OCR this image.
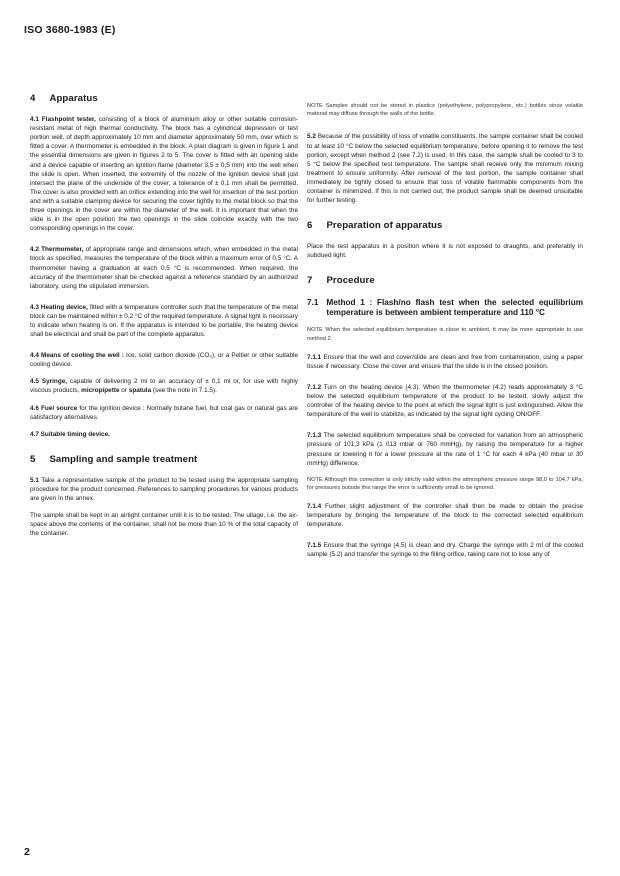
ISO 3680-1983 (E)
4 Apparatus

4.1 Flashpoint tester, consisting of a block of aluminium alloy or other suitable corrosion-resistant metal of high thermal conductivity. The block has a cylindrical depression or test portion well, of depth approximately 10 mm and diameter approximately 50 mm, over which is fitted a cover. A thermometer is embedded in the block. A plan diagram is given in figure 1 and the essential dimensions are given in figures 2 to 5. The cover is fitted with an opening slide and a device capable of inserting an ignition flame (diameter 3,5 ± 0,5 mm) into the well when the slide is open. When inserted, the extremity of the nozzle of the ignition device shall just intersect the plane of the underside of the cover; a tolerance of ± 0,1 mm shall be permitted. The cover is also provided with an orifice extending into the well for insertion of the test portion and with a suitable clamping device for securing the cover tightly to the metal block so that the three openings in the cover are within the diameter of the well. It is important that when the slide is in the open position the two openings in the slide coincide exactly with the two corresponding openings in the cover.

4.2 Thermometer, of appropriate range and dimensions which, when embedded in the metal block as specified, measures the temperature of the block within a maximum error of 0,5 °C. A thermometer having a graduation at each 0,5 °C is recommended. When required, the accuracy of the thermometer shall be checked against a reference standard by an authorized laboratory, using the stipulated immersion.

4.3 Heating device, fitted with a temperature controller such that the temperature of the metal block can be maintained within ± 0,2 °C of the required temperature. A signal light is necessary to indicate when heating is on. If the apparatus is intended to be portable, the heating device shall be electrical and shall be part of the complete apparatus.

4.4 Means of cooling the well : Ice, solid carbon dioxide (CO₂), or a Peltier or other suitable cooling device.

4.5 Syringe, capable of delivering 2 ml to an accuracy of ± 0,1 ml or, for use with highly viscous products, micropipette or spatula (see the note in 7.1.5).

4.6 Fuel source for the ignition device : Normally butane fuel, but coal gas or natural gas are satisfactory alternatives.

4.7 Suitable timing device.

5 Sampling and sample treatment

5.1 Take a representative sample of the product to be tested using the appropriate sampling procedure for the product concerned. References to sampling procedures for various products are given in the annex.

The sample shall be kept in an airtight container until it is to be tested. The ullage, i.e. the air-space above the contents of the container, shall not be more than 10 % of the total capacity of the container.

NOTE Samples should not be stored in plastics (polyethylene, polypropylene, etc.) bottles since volatile material may diffuse through the walls of the bottle.

5.2 Because of the possibility of loss of volatile constituents, the sample container shall be cooled to at least 10 °C below the selected equilibrium temperature, before opening it to remove the test portion, except when method 2 (see 7.2) is used. In this case, the sample shall be cooled to 3 to 5 °C below the specified test temperature. The sample shall receive only the minimum mixing treatment to ensure uniformity. After removal of the test portion, the sample container shall immediately be tightly closed to ensure that loss of volatile flammable components from the container is minimized. If this is not carried out, the product sample shall be deemed unsuitable for further testing.

6 Preparation of apparatus

Place the test apparatus in a position where it is not exposed to draughts, and preferably in subdued light.

7 Procedure
7.1 Method 1 : Flash/no flash test when the selected equilibrium temperature is between ambient temperature and 110 °C

NOTE When the selected equilibrium temperature is close to ambient, it may be more appropriate to use method 2.

7.1.1 Ensure that the well and cover/slide are clean and free from contamination, using a paper tissue if necessary. Close the cover and ensure that the slide is in the closed position.

7.1.2 Turn on the heating device (4.3). When the thermometer (4.2) reads approximately 3 °C below the selected equilibrium temperature of the product to be tested, slowly adjust the controller of the heating device to the point at which the signal light is just extinguished. Allow the temperature of the well to stabilize, as indicated by the signal light cycling ON/OFF.

7.1.3 The selected equilibrium temperature shall be corrected for variation from an atmospheric pressure of 101,3 kPa (1 013 mbar or 760 mmHg), by raising the temperature for a higher pressure or lowering it for a lower pressure at the rate of 1 °C for each 4 kPa (40 mbar or 30 mmHg) difference.

NOTE Although this correction is only strictly valid within the atmospheric pressure range 98,0 to 104,7 kPa, for pressures outside this range the error is sufficiently small to be ignored.

7.1.4 Further slight adjustment of the controller shall then be made to obtain the precise temperature by bringing the temperature of the block to the corrected selected equilibrium temperature.

7.1.5 Ensure that the syringe (4.5) is clean and dry. Charge the syringe with 2 ml of the cooled sample (5.2) and transfer the syringe to the filling orifice, taking care not to lose any of

2
